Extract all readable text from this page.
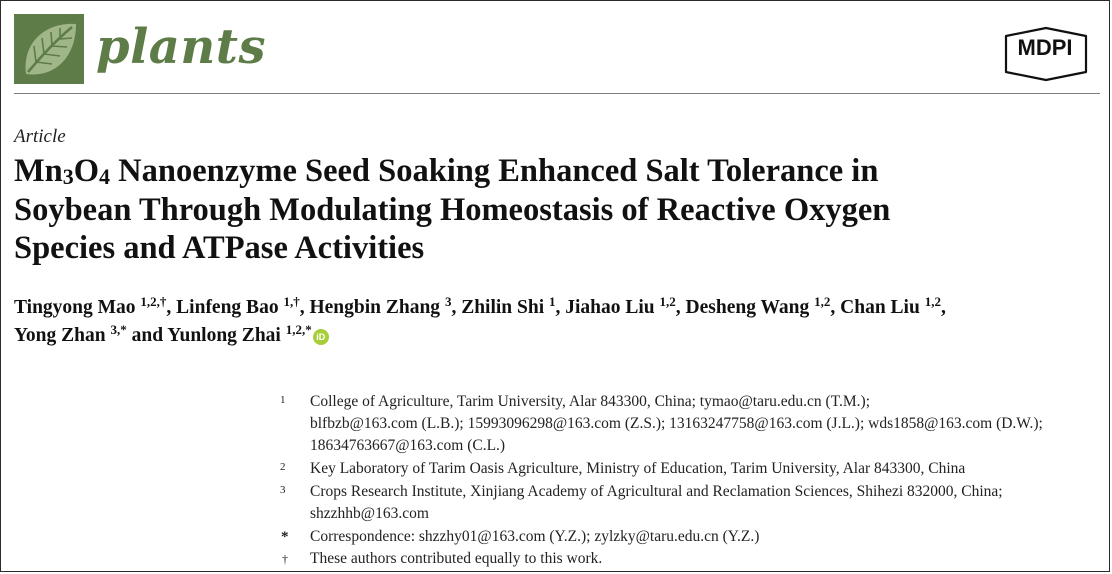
plants	MDPI
Article
$Mn_3O_4$ Nanoenzyme Seed Soaking Enhanced Salt Tolerance in
Soybean Through Modulating Homeostasis of Reactive Oxygen
Species and ATPase Activities
Tingyong Mao $^{1,2,\dagger}$, Linfeng Bao $^{1,\dagger}$, Hengbin Zhang $^3$, Zhilin Shi $^1$, Jiahao Liu $^{1,2}$, Desheng Wang $^{1,2}$, Chan Liu $^{1,2}$,
Yong Zhan $^{3,*}$ and Yunlong Zhai $^{1,2,*}$ iD
1 College of Agriculture, Tarim University, Alar 843300, China; tymao@taru.edu.cn (T.M.);
blfbzb@163.com (L.B.); 15993096298@163.com (Z.S.); 13163247758@163.com (J.L.); wds1858@163.com (D.W.);
18634763667@163.com (C.L.)
2 Key Laboratory of Tarim Oasis Agriculture, Ministry of Education, Tarim University, Alar 843300, China
3 Crops Research Institute, Xinjiang Academy of Agricultural and Reclamation Sciences, Shihezi 832000, China;
shzzhhb@163.com
* Correspondence: shzzhy01@163.com (Y.Z.); zylzky@taru.edu.cn (Y.Z.)
† These authors contributed equally to this work.
